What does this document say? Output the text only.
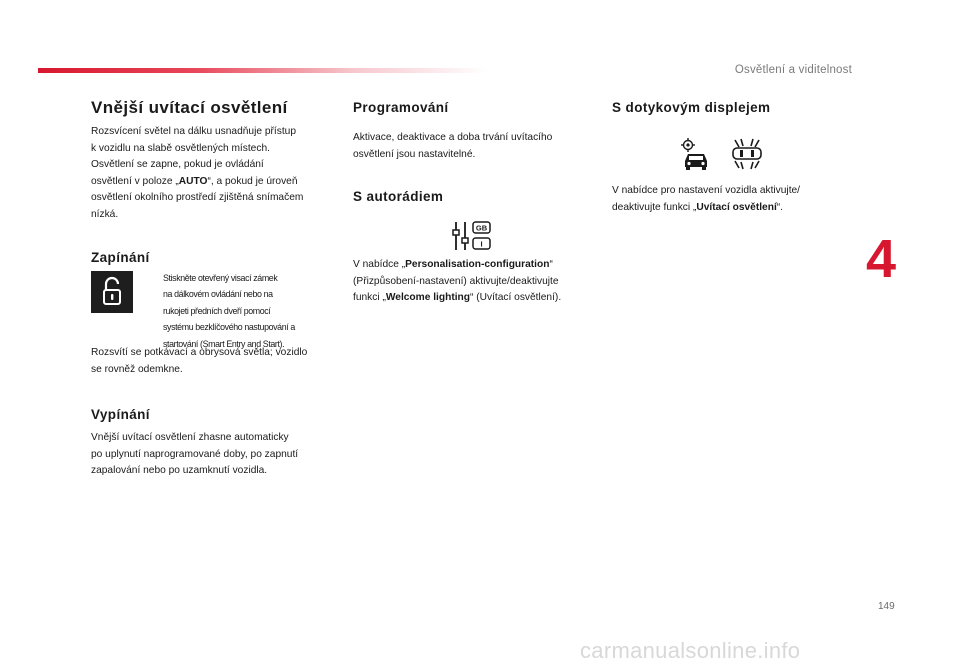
Osvětlení a viditelnost
4
Vnější uvítací osvětlení

Rozsvícení světel na dálku usnadňuje přístup
k vozidlu na slabě osvětlených místech.
Osvětlení se zapne, pokud je ovládání
osvětlení v poloze „AUTO“, a pokud je úroveň
osvětlení okolního prostředí zjištěná snímačem
nízká.

Zapínání

Stiskněte otevřený visací zámek
na dálkovém ovládání nebo na
rukojeti předních dveří pomocí
systému bezklíčového nastupování a
startování (Smart Entry and Start).

Rozsvítí se potkávací a obrysová světla; vozidlo
se rovněž odemkne.

Vypínání

Vnější uvítací osvětlení zhasne automaticky
po uplynutí naprogramované doby, po zapnutí
zapalování nebo po uzamknutí vozidla.

Programování

Aktivace, deaktivace a doba trvání uvítacího
osvětlení jsou nastavitelné.

S autorádiem
GB
I

V nabídce „Personalisation-configuration“
(Přizpůsobení-nastavení) aktivujte/deaktivujte
funkci „Welcome lighting“ (Uvítací osvětlení).

S dotykovým displejem

V nabídce pro nastavení vozidla aktivujte/
deaktivujte funkci „Uvítací osvětlení“.

149
carmanualsonline.info
